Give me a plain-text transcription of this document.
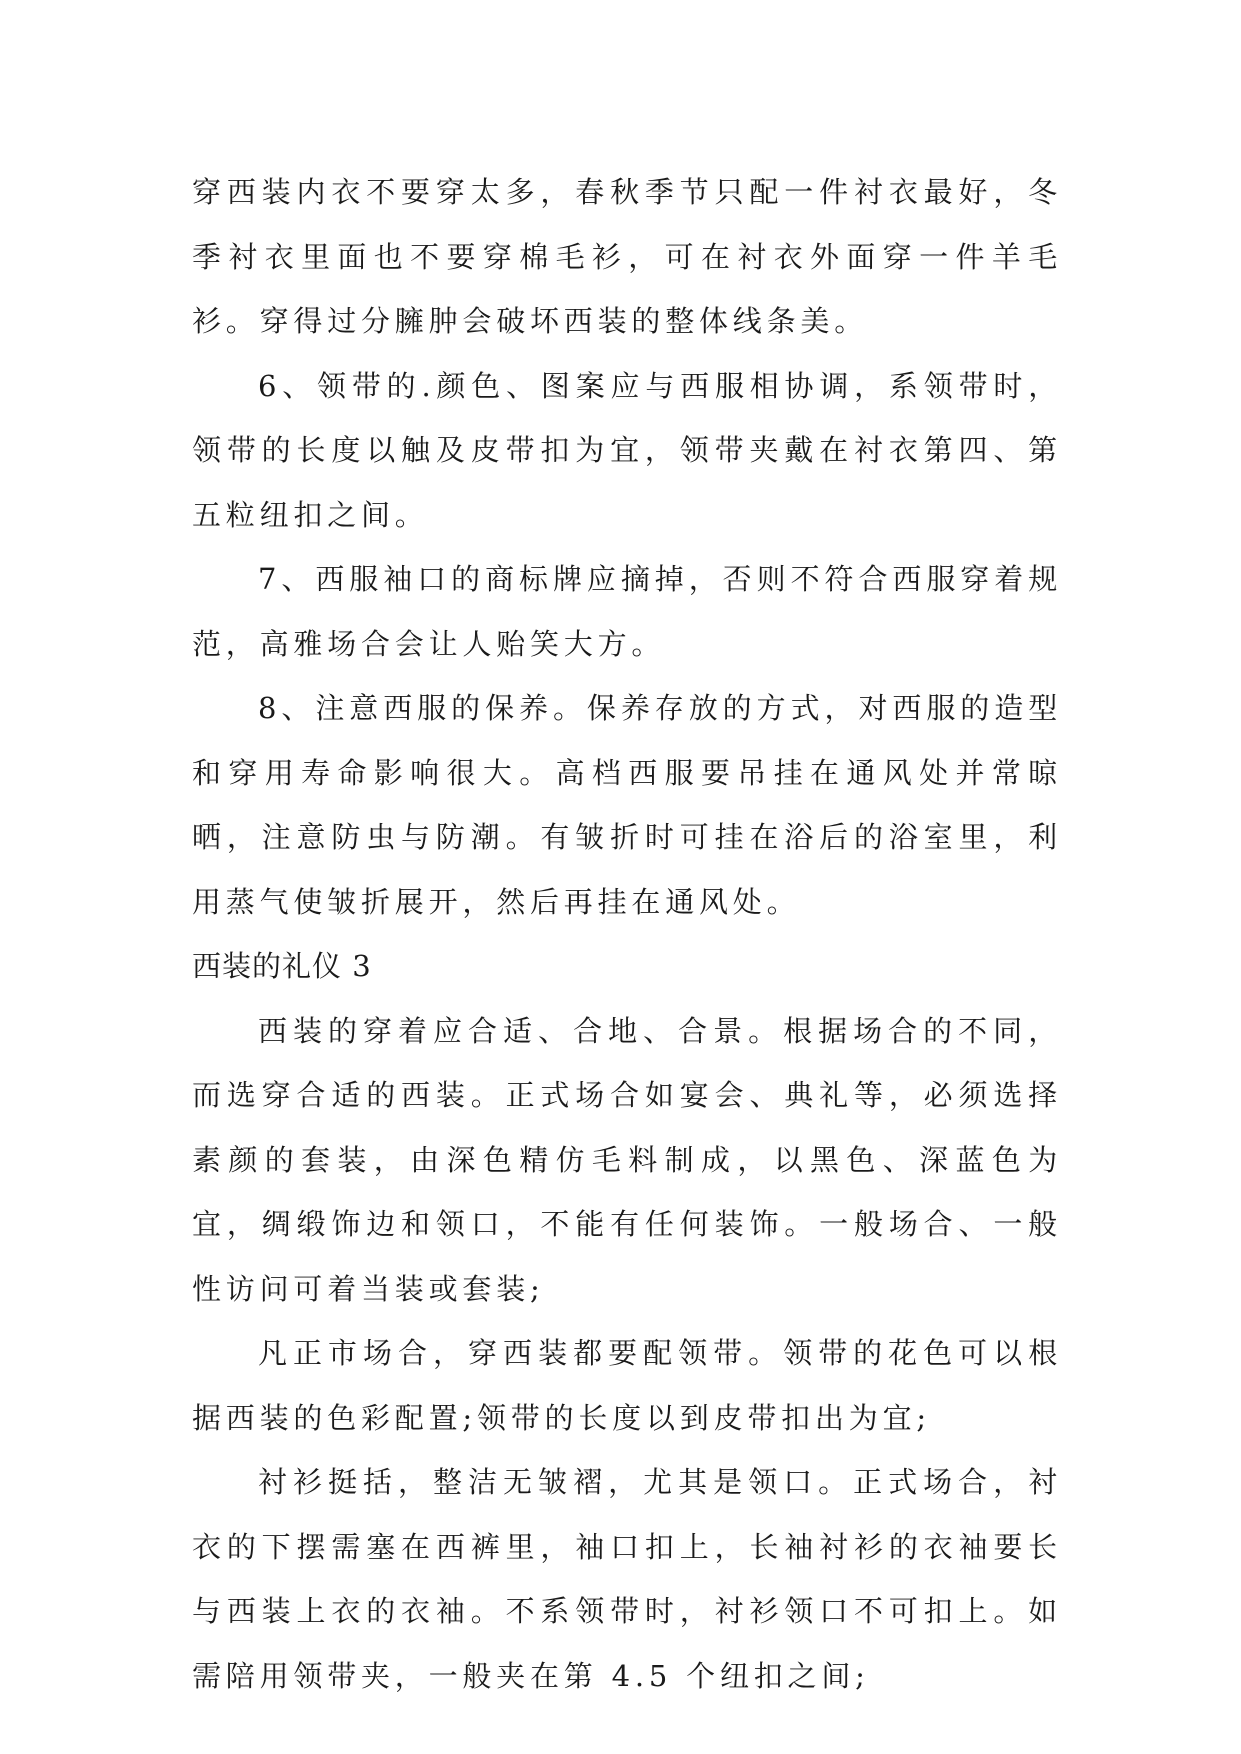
穿西装内衣不要穿太多，春秋季节只配一件衬衣最好，冬季衬衣里面也不要穿棉毛衫，可在衬衣外面穿一件羊毛衫。穿得过分臃肿会破坏西装的整体线条美。

6、领带的.颜色、图案应与西服相协调，系领带时，领带的长度以触及皮带扣为宜，领带夹戴在衬衣第四、第五粒纽扣之间。

7、西服袖口的商标牌应摘掉，否则不符合西服穿着规范，高雅场合会让人贻笑大方。

8、注意西服的保养。保养存放的方式，对西服的造型和穿用寿命影响很大。高档西服要吊挂在通风处并常晾晒，注意防虫与防潮。有皱折时可挂在浴后的浴室里，利用蒸气使皱折展开，然后再挂在通风处。

西装的礼仪 3

西装的穿着应合适、合地、合景。根据场合的不同，而选穿合适的西装。正式场合如宴会、典礼等，必须选择素颜的套装，由深色精仿毛料制成，以黑色、深蓝色为宜，绸缎饰边和领口，不能有任何装饰。一般场合、一般性访问可着当装或套装;

凡正市场合，穿西装都要配领带。领带的花色可以根据西装的色彩配置;领带的长度以到皮带扣出为宜;

衬衫挺括，整洁无皱褶，尤其是领口。正式场合，衬衣的下摆需塞在西裤里，袖口扣上，长袖衬衫的衣袖要长与西装上衣的衣袖。不系领带时，衬衫领口不可扣上。如需陪用领带夹，一般夹在第 4.5 个纽扣之间;
